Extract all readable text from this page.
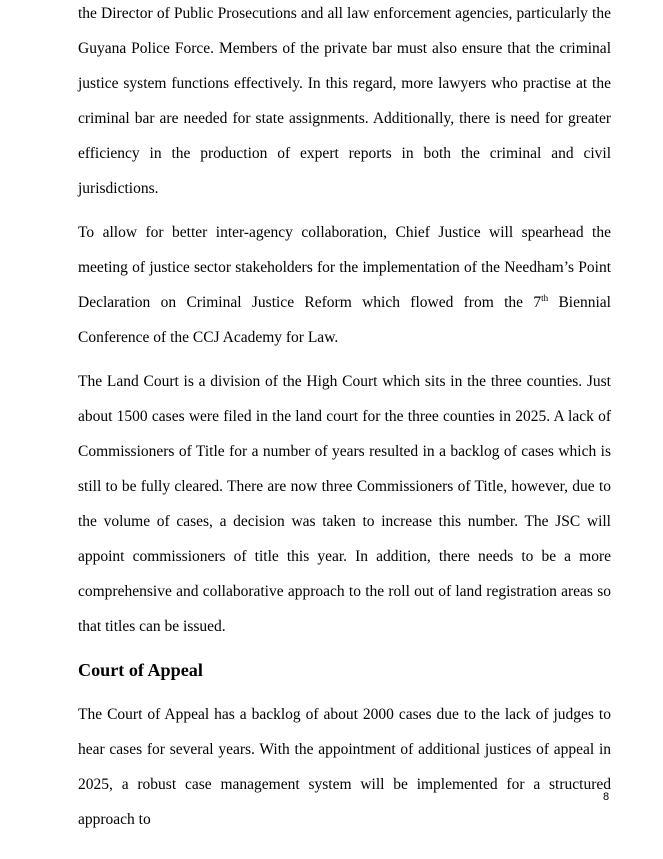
the Director of Public Prosecutions and all law enforcement agencies, particularly the Guyana Police Force. Members of the private bar must also ensure that the criminal justice system functions effectively. In this regard, more lawyers who practise at the criminal bar are needed for state assignments. Additionally, there is need for greater efficiency in the production of expert reports in both the criminal and civil jurisdictions.

To allow for better inter-agency collaboration, Chief Justice will spearhead the meeting of justice sector stakeholders for the implementation of the Needham’s Point Declaration on Criminal Justice Reform which flowed from the 7th Biennial Conference of the CCJ Academy for Law.

The Land Court is a division of the High Court which sits in the three counties. Just about 1500 cases were filed in the land court for the three counties in 2025. A lack of Commissioners of Title for a number of years resulted in a backlog of cases which is still to be fully cleared. There are now three Commissioners of Title, however, due to the volume of cases, a decision was taken to increase this number. The JSC will appoint commissioners of title this year. In addition, there needs to be a more comprehensive and collaborative approach to the roll out of land registration areas so that titles can be issued.

Court of Appeal

The Court of Appeal has a backlog of about 2000 cases due to the lack of judges to hear cases for several years. With the appointment of additional justices of appeal in 2025, a robust case management system will be implemented for a structured approach to

8
